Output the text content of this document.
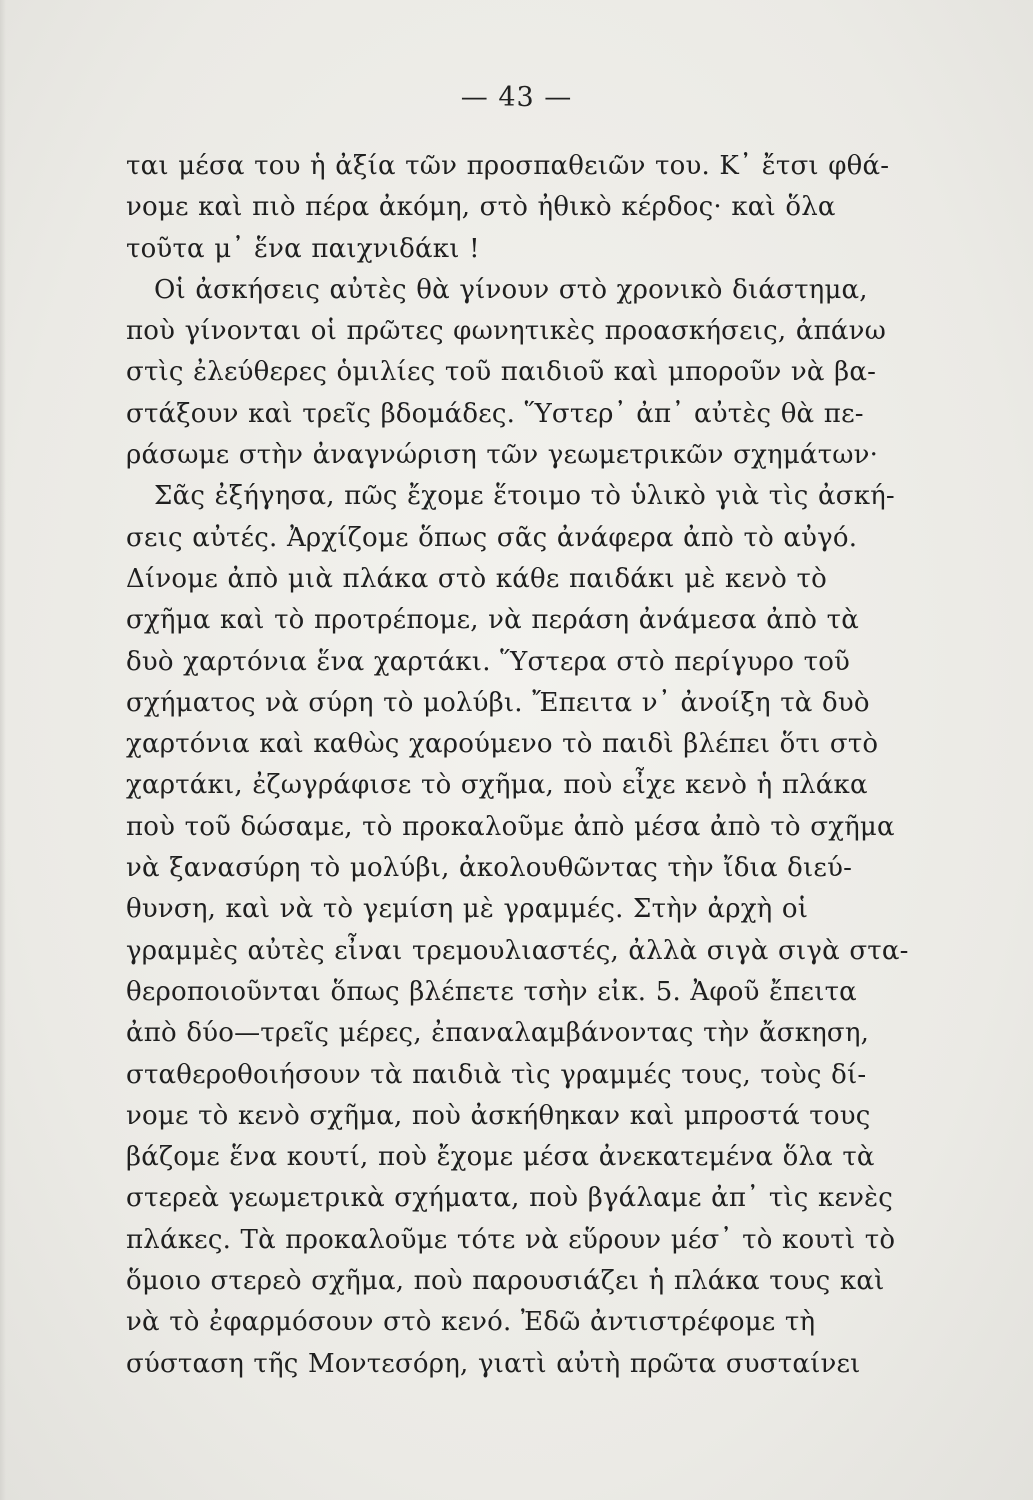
— 43 —
ται μέσα του ἡ ἀξία τῶν προσπαθειῶν του. Κ᾽ ἔτσι φθά-
νομε καὶ πιὸ πέρα ἀκόμη, στὸ ἠθικὸ κέρδος· καὶ ὅλα
τοῦτα μ᾽ ἕνα παιχνιδάκι !
Οἱ ἀσκήσεις αὐτὲς θὰ γίνουν στὸ χρονικὸ διάστημα,
ποὺ γίνονται οἱ πρῶτες φωνητικὲς προασκήσεις, ἀπάνω
στὶς ἐλεύθερες ὁμιλίες τοῦ παιδιοῦ καὶ μποροῦν νὰ βα-
στάξουν καὶ τρεῖς βδομάδες. Ὕστερ᾽ ἀπ᾽ αὐτὲς θὰ πε-
ράσωμε στὴν ἀναγνώριση τῶν γεωμετρικῶν σχημάτων·
Σᾶς ἐξήγησα, πῶς ἔχομε ἕτοιμο τὸ ὑλικὸ γιὰ τὶς ἀσκή-
σεις αὐτές. Ἀρχίζομε ὅπως σᾶς ἀνάφερα ἀπὸ τὸ αὐγό.
Δίνομε ἀπὸ μιὰ πλάκα στὸ κάθε παιδάκι μὲ κενὸ τὸ
σχῆμα καὶ τὸ προτρέπομε, νὰ περάση ἀνάμεσα ἀπὸ τὰ
δυὸ χαρτόνια ἕνα χαρτάκι. Ὕστερα στὸ περίγυρο τοῦ
σχήματος νὰ σύρη τὸ μολύβι. Ἔπειτα ν᾽ ἀνοίξη τὰ δυὸ
χαρτόνια καὶ καθὼς χαρούμενο τὸ παιδὶ βλέπει ὅτι στὸ
χαρτάκι, ἐζωγράφισε τὸ σχῆμα, ποὺ εἶχε κενὸ ἡ πλάκα
ποὺ τοῦ δώσαμε, τὸ προκαλοῦμε ἀπὸ μέσα ἀπὸ τὸ σχῆμα
νὰ ξανασύρη τὸ μολύβι, ἀκολουθῶντας τὴν ἴδια διεύ-
θυνση, καὶ νὰ τὸ γεμίση μὲ γραμμές. Στὴν ἀρχὴ οἱ
γραμμὲς αὐτὲς εἶναι τρεμουλιαστές, ἀλλὰ σιγὰ σιγὰ στα-
θεροποιοῦνται ὅπως βλέπετε τσὴν εἰκ. 5. Ἀφοῦ ἔπειτα
ἀπὸ δύο—τρεῖς μέρες, ἐπαναλαμβάνοντας τὴν ἄσκηση,
σταθεροθοιήσουν τὰ παιδιὰ τὶς γραμμές τους, τοὺς δί-
νομε τὸ κενὸ σχῆμα, ποὺ ἀσκήθηκαν καὶ μπροστά τους
βάζομε ἕνα κουτί, ποὺ ἔχομε μέσα ἀνεκατεμένα ὅλα τὰ
στερεὰ γεωμετρικὰ σχήματα, ποὺ βγάλαμε ἀπ᾽ τὶς κενὲς
πλάκες. Τὰ προκαλοῦμε τότε νὰ εὕρουν μέσ᾽ τὸ κουτὶ τὸ
ὅμοιο στερεὸ σχῆμα, ποὺ παρουσιάζει ἡ πλάκα τους καὶ
νὰ τὸ ἐφαρμόσουν στὸ κενό. Ἐδῶ ἀντιστρέφομε τὴ
σύσταση τῆς Μοντεσόρη, γιατὶ αὐτὴ πρῶτα συσταίνει
